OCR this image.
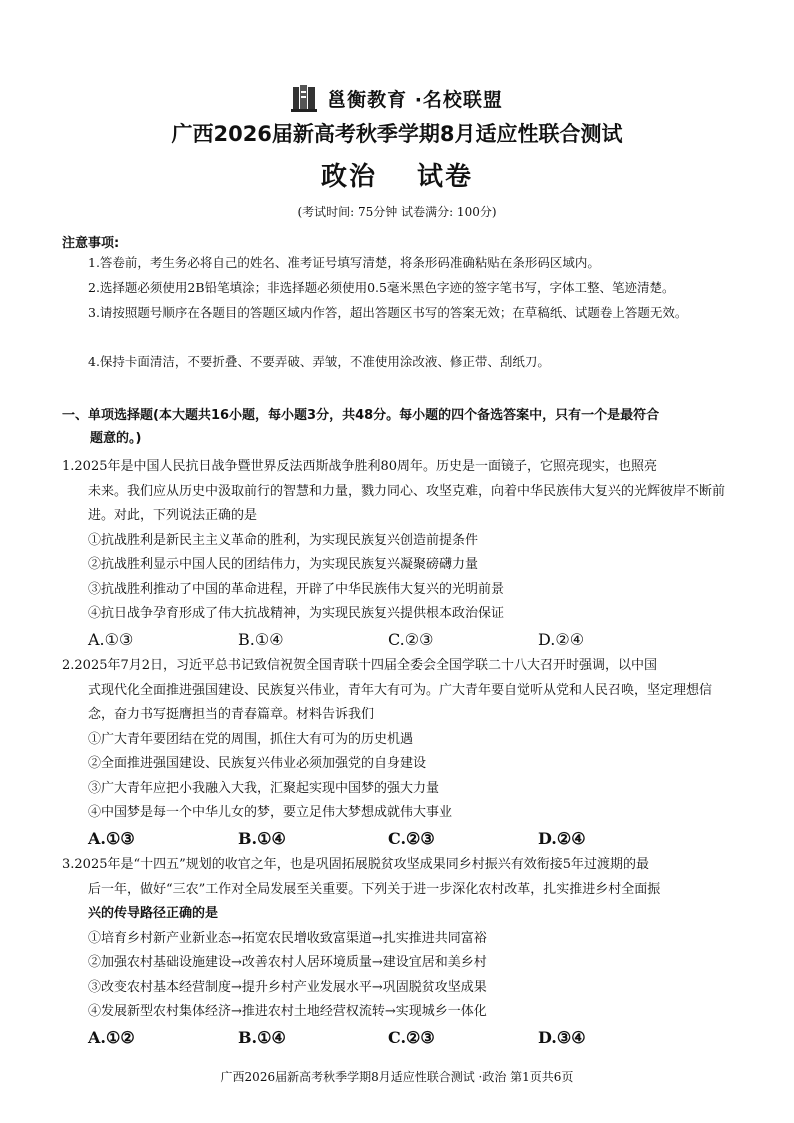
邕衡教育 ·名校联盟
广西2026届新高考秋季学期8月适应性联合测试
政治 试卷
(考试时间: 75分钟 试卷满分: 100分)
注意事项:
1.答卷前，考生务必将自己的姓名、准考证号填写清楚，将条形码准确粘贴在条形码区域内。
2.选择题必须使用2B铅笔填涂；非选择题必须使用0.5毫米黑色字迹的签字笔书写，字体工整、笔迹清楚。
3.请按照题号顺序在各题目的答题区域内作答，超出答题区书写的答案无效；在草稿纸、试题卷上答题无效。
4.保持卡面清洁，不要折叠、不要弄破、弄皱，不准使用涂改液、修正带、刮纸刀。
一、单项选择题(本大题共16小题，每小题3分，共48分。每小题的四个备选答案中，只有一个是最符合
题意的。)
1.2025年是中国人民抗日战争暨世界反法西斯战争胜利80周年。历史是一面镜子，它照亮现实，也照亮
未来。我们应从历史中汲取前行的智慧和力量，戮力同心、攻坚克难，向着中华民族伟大复兴的光辉彼岸不断前进。对此，下列说法正确的是
①抗战胜利是新民主主义革命的胜利，为实现民族复兴创造前提条件
②抗战胜利显示中国人民的团结伟力，为实现民族复兴凝聚磅礴力量
③抗战胜利推动了中国的革命进程，开辟了中华民族伟大复兴的光明前景
④抗日战争孕育形成了伟大抗战精神，为实现民族复兴提供根本政治保证
A.①③	B.①④	C.②③	D.②④
2.2025年7月2日，习近平总书记致信祝贺全国青联十四届全委会全国学联二十八大召开时强调，以中国
式现代化全面推进强国建设、民族复兴伟业，青年大有可为。广大青年要自觉听从党和人民召唤，坚定理想信念，奋力书写挺膺担当的青春篇章。材料告诉我们
①广大青年要团结在党的周围，抓住大有可为的历史机遇
②全面推进强国建设、民族复兴伟业必须加强党的自身建设
③广大青年应把小我融入大我，汇聚起实现中国梦的强大力量
④中国梦是每一个中华儿女的梦，要立足伟大梦想成就伟大事业
A.①③	B.①④	C.②③	D.②④
3.2025年是“十四五”规划的收官之年，也是巩固拓展脱贫攻坚成果同乡村振兴有效衔接5年过渡期的最
后一年，做好“三农”工作对全局发展至关重要。下列关于进一步深化农村改革，扎实推进乡村全面振
兴的传导路径正确的是
①培育乡村新产业新业态→拓宽农民增收致富渠道→扎实推进共同富裕
②加强农村基础设施建设→改善农村人居环境质量→建设宜居和美乡村
③改变农村基本经营制度→提升乡村产业发展水平→巩固脱贫攻坚成果
④发展新型农村集体经济→推进农村土地经营权流转→实现城乡一体化
A.①②	B.①④	C.②③	D.③④
广西2026届新高考秋季学期8月适应性联合测试 ·政治 第1页共6页
